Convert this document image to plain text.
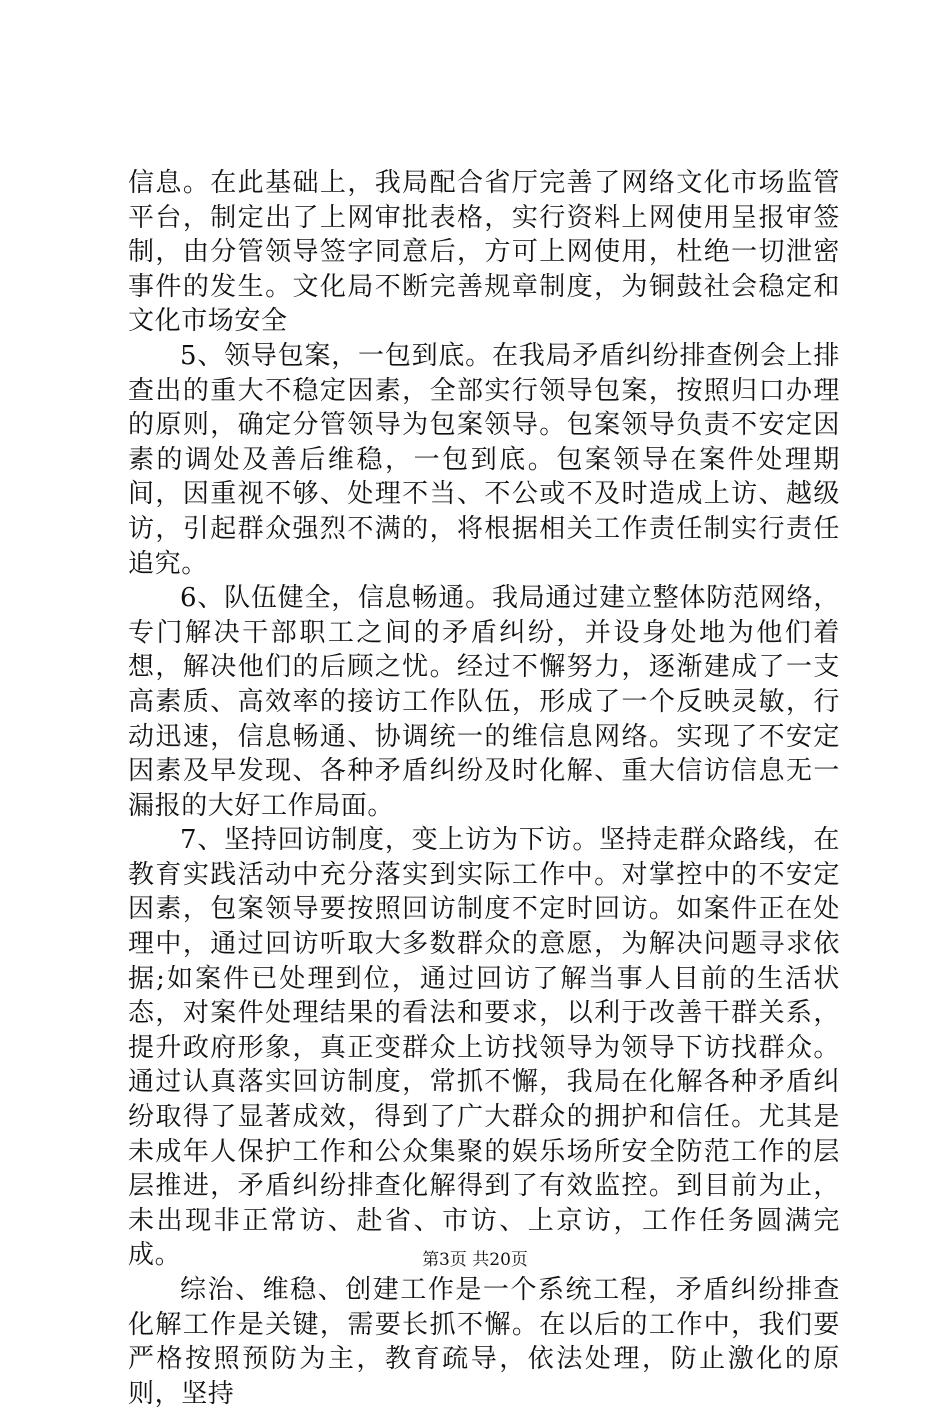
信息。在此基础上，我局配合省厅完善了网络文化市场监管平台，制定出了上网审批表格，实行资料上网使用呈报审签制，由分管领导签字同意后，方可上网使用，杜绝一切泄密事件的发生。文化局不断完善规章制度，为铜鼓社会稳定和文化市场安全

5、领导包案，一包到底。在我局矛盾纠纷排查例会上排查出的重大不稳定因素，全部实行领导包案，按照归口办理的原则，确定分管领导为包案领导。包案领导负责不安定因素的调处及善后维稳，一包到底。包案领导在案件处理期间，因重视不够、处理不当、不公或不及时造成上访、越级访，引起群众强烈不满的，将根据相关工作责任制实行责任追究。

6、队伍健全，信息畅通。我局通过建立整体防范网络，专门解决干部职工之间的矛盾纠纷，并设身处地为他们着想，解决他们的后顾之忧。经过不懈努力，逐渐建成了一支高素质、高效率的接访工作队伍，形成了一个反映灵敏，行动迅速，信息畅通、协调统一的维信息网络。实现了不安定因素及早发现、各种矛盾纠纷及时化解、重大信访信息无一漏报的大好工作局面。

7、坚持回访制度，变上访为下访。坚持走群众路线，在教育实践活动中充分落实到实际工作中。对掌控中的不安定因素，包案领导要按照回访制度不定时回访。如案件正在处理中，通过回访听取大多数群众的意愿，为解决问题寻求依据;如案件已处理到位，通过回访了解当事人目前的生活状态，对案件处理结果的看法和要求，以利于改善干群关系，提升政府形象，真正变群众上访找领导为领导下访找群众。通过认真落实回访制度，常抓不懈，我局在化解各种矛盾纠纷取得了显著成效，得到了广大群众的拥护和信任。尤其是未成年人保护工作和公众集聚的娱乐场所安全防范工作的层层推进，矛盾纠纷排查化解得到了有效监控。到目前为止，未出现非正常访、赴省、市访、上京访，工作任务圆满完成。

综治、维稳、创建工作是一个系统工程，矛盾纠纷排查化解工作是关键，需要长抓不懈。在以后的工作中，我们要严格按照预防为主，教育疏导，依法处理，防止激化的原则，坚持

第3页 共20页
